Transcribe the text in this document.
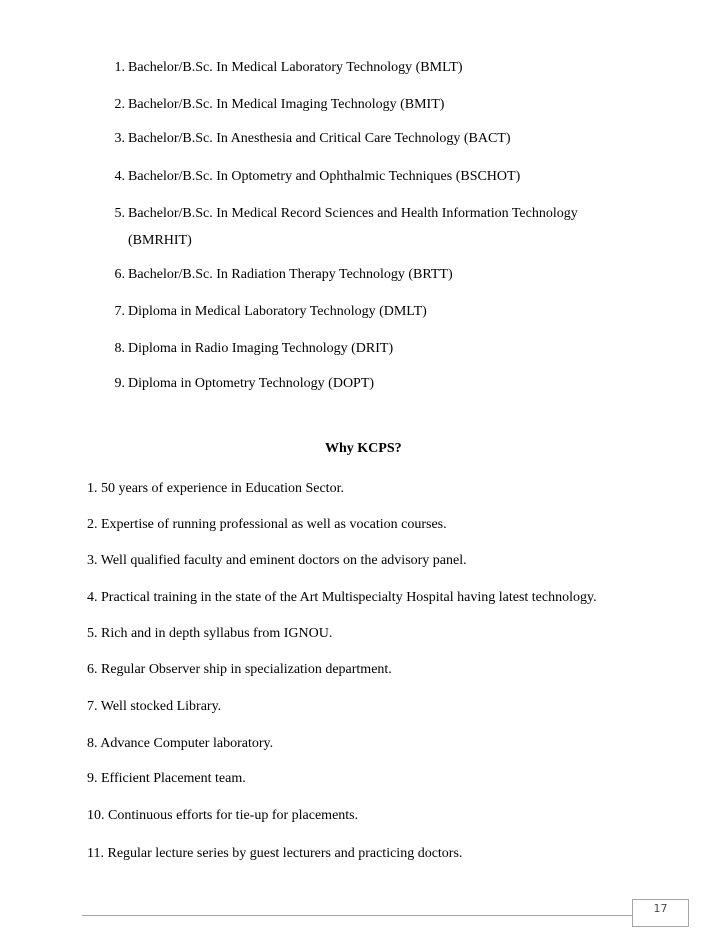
1. Bachelor/B.Sc. In Medical Laboratory Technology (BMLT)
2. Bachelor/B.Sc. In Medical Imaging Technology (BMIT)
3. Bachelor/B.Sc. In Anesthesia and Critical Care Technology (BACT)
4. Bachelor/B.Sc. In Optometry and Ophthalmic Techniques (BSCHOT)
5. Bachelor/B.Sc. In Medical Record Sciences and Health Information Technology (BMRHIT)
6. Bachelor/B.Sc. In Radiation Therapy Technology (BRTT)
7. Diploma in Medical Laboratory Technology (DMLT)
8. Diploma in Radio Imaging Technology (DRIT)
9. Diploma in Optometry Technology (DOPT)
Why KCPS?
1. 50 years of experience in Education Sector.
2. Expertise of running professional as well as vocation courses.
3. Well qualified faculty and eminent doctors on the advisory panel.
4. Practical training in the state of the Art Multispecialty Hospital having latest technology.
5. Rich and in depth syllabus from IGNOU.
6. Regular Observer ship in specialization department.
7. Well stocked Library.
8. Advance Computer laboratory.
9. Efficient Placement team.
10. Continuous efforts for tie-up for placements.
11. Regular lecture series by guest lecturers and practicing doctors.
17
